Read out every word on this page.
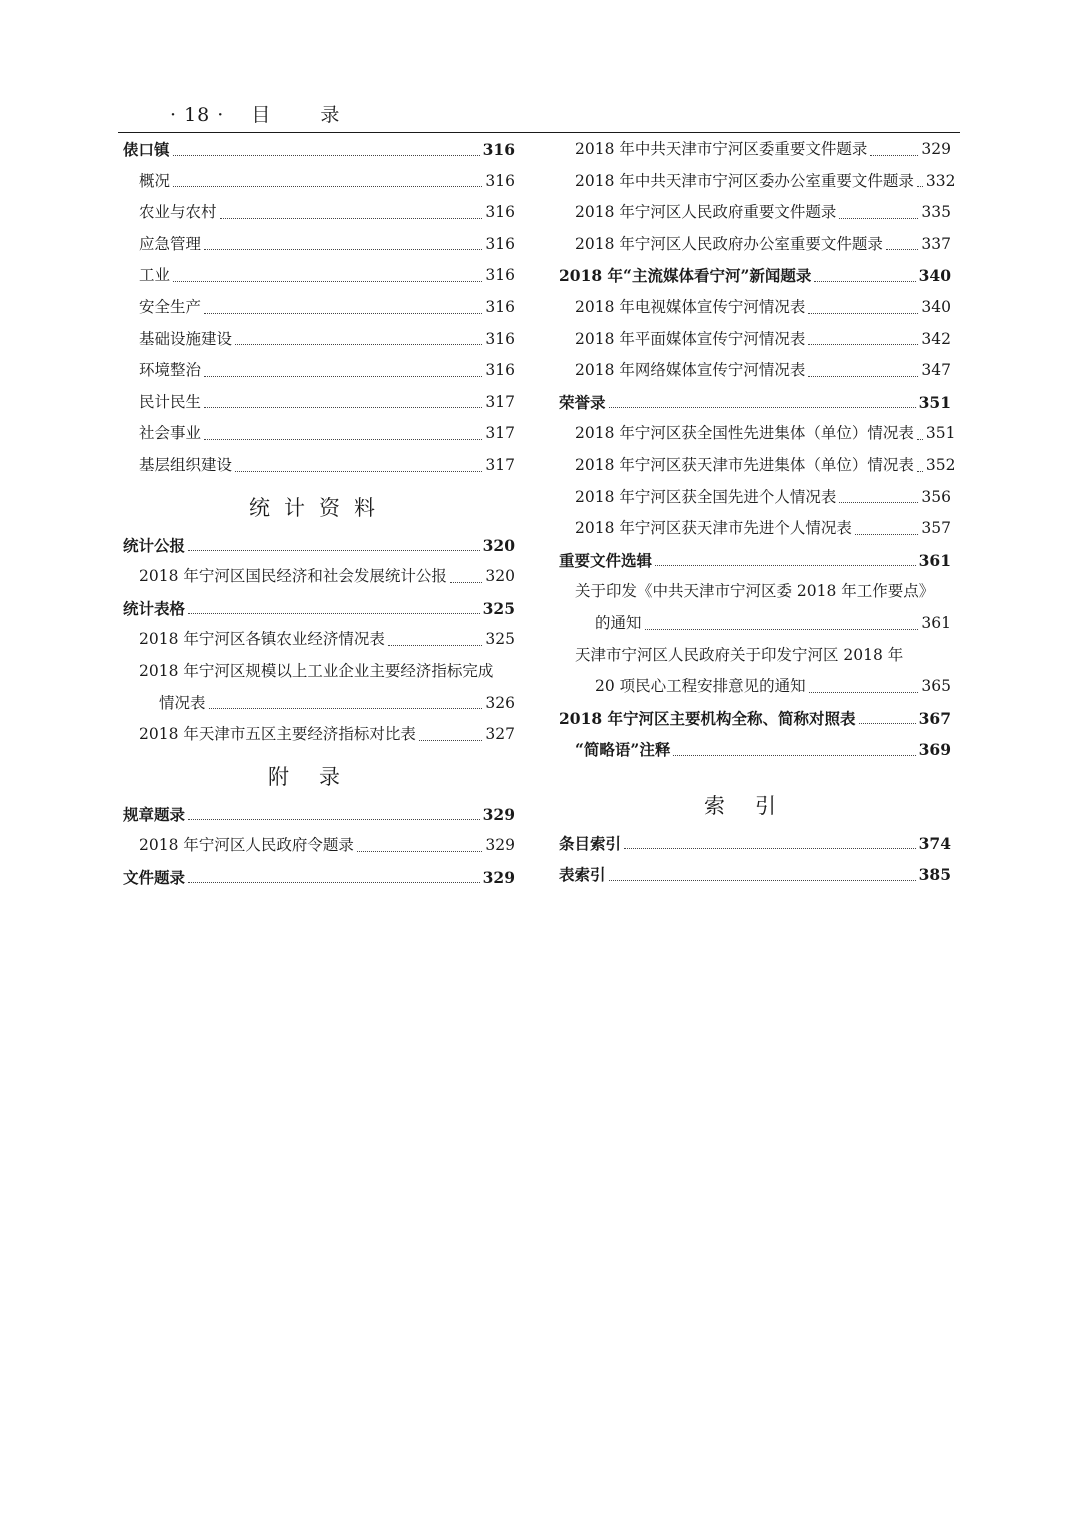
· 18 · 目 录
俵口镇	316
概况	316
农业与农村	316
应急管理	316
工业	316
安全生产	316
基础设施建设	316
环境整治	316
民计民生	317
社会事业	317
基层组织建设	317
统计资料
统计公报	320
2018 年宁河区国民经济和社会发展统计公报 320
统计表格	325
2018 年宁河区各镇农业经济情况表	325
2018 年宁河区规模以上工业企业主要经济指标完成
情况表	326
2018 年天津市五区主要经济指标对比表	327
附录
规章题录	329
2018 年宁河区人民政府令题录	329
文件题录	329
2018 年中共天津市宁河区委重要文件题录	329
2018 年中共天津市宁河区委办公室重要文件题录 332
2018 年宁河区人民政府重要文件题录	335
2018 年宁河区人民政府办公室重要文件题录 337
2018 年“主流媒体看宁河”新闻题录	340
2018 年电视媒体宣传宁河情况表	340
2018 年平面媒体宣传宁河情况表	342
2018 年网络媒体宣传宁河情况表	347
荣誉录	351
2018 年宁河区获全国性先进集体（单位）情况表 351
2018 年宁河区获天津市先进集体（单位）情况表 352
2018 年宁河区获全国先进个人情况表	356
2018 年宁河区获天津市先进个人情况表	357
重要文件选辑	361
关于印发《中共天津市宁河区委 2018 年工作要点》
的通知	361
天津市宁河区人民政府关于印发宁河区 2018 年
20 项民心工程安排意见的通知	365
2018 年宁河区主要机构全称、简称对照表	367
“简略语”注释	369
索引
条目索引	374
表索引	385
